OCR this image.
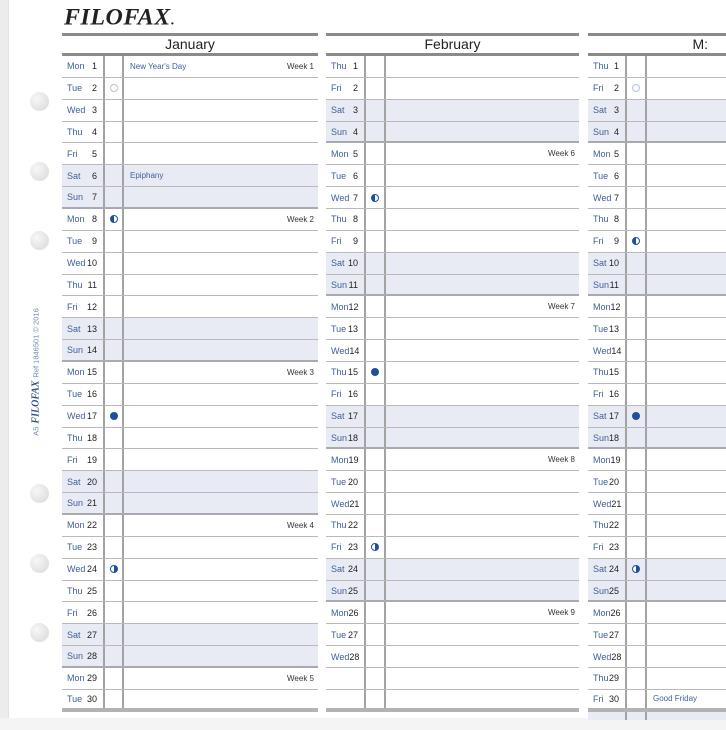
FILOFAX.
A5FILOFAXRef 1846501 © 2016
January
Mon 1	New Year's Day	Week 1
Tue 2
Wed 3
Thu 4
Fri 5
Sat 6	Epiphany
Sun 7
Mon 8	Week 2
Tue 9
Wed 10
Thu 11
Fri 12
Sat 13
Sun 14
Mon 15	Week 3
Tue 16
Wed 17
Thu 18
Fri 19
Sat 20
Sun 21
Mon 22	Week 4
Tue 23
Wed 24
Thu 25
Fri 26
Sat 27
Sun 28
Mon 29	Week 5
Tue 30
February
Thu 1
Fri 2
Sat 3
Sun 4
Mon 5	Week 6
Tue 6
Wed 7
Thu 8
Fri 9
Sat 10
Sun 11
Mon 12	Week 7
Tue 13
Wed 14
Thu 15
Fri 16
Sat 17
Sun 18
Mon 19	Week 8
Tue 20
Wed 21
Thu 22
Fri 23
Sat 24
Sun 25
Mon 26	Week 9
Tue 27
Wed 28
M:
Thu 1
Fri 2
Sat 3
Sun 4
Mon 5
Tue 6
Wed 7
Thu 8
Fri 9
Sat 10
Sun 11
Mon 12
Tue 13
Wed 14
Thu 15
Fri 16
Sat 17
Sun 18
Mon 19
Tue 20
Wed 21
Thu 22
Fri 23
Sat 24
Sun 25
Mon 26
Tue 27
Wed 28
Thu 29
Fri 30	Good Friday
